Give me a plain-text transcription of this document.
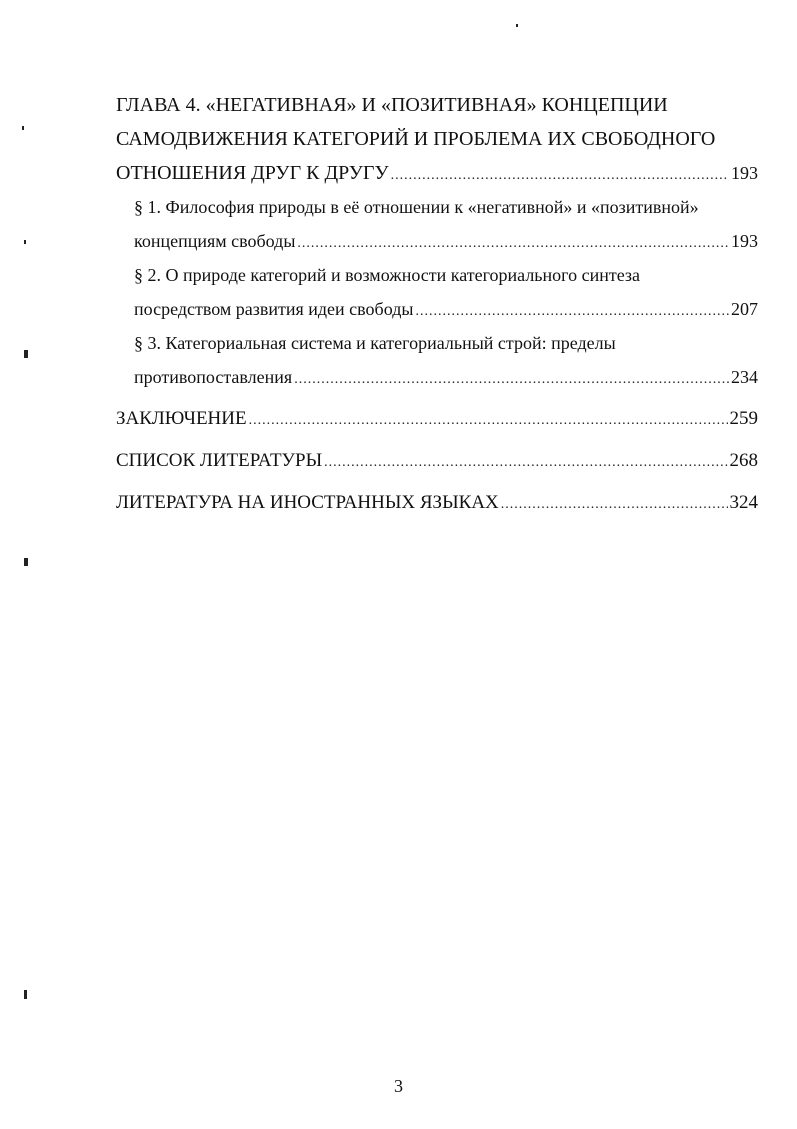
ГЛАВА 4. «НЕГАТИВНАЯ» И «ПОЗИТИВНАЯ» КОНЦЕПЦИИ
САМОДВИЖЕНИЯ КАТЕГОРИЙ И ПРОБЛЕМА ИХ СВОБОДНОГО
ОТНОШЕНИЯ ДРУГ К ДРУГУ .....	193
§ 1. Философия природы в её отношении к «негативной» и «позитивной»
концепциям свободы .....	193
§ 2. О природе категорий и возможности категориального синтеза
посредством развития идеи свободы .....	207
§ 3. Категориальная система и категориальный строй: пределы
противопоставления .....	234
ЗАКЛЮЧЕНИЕ .....	259
СПИСОК ЛИТЕРАТУРЫ .....	268
ЛИТЕРАТУРА НА ИНОСТРАННЫХ ЯЗЫКАХ .....	324
3
